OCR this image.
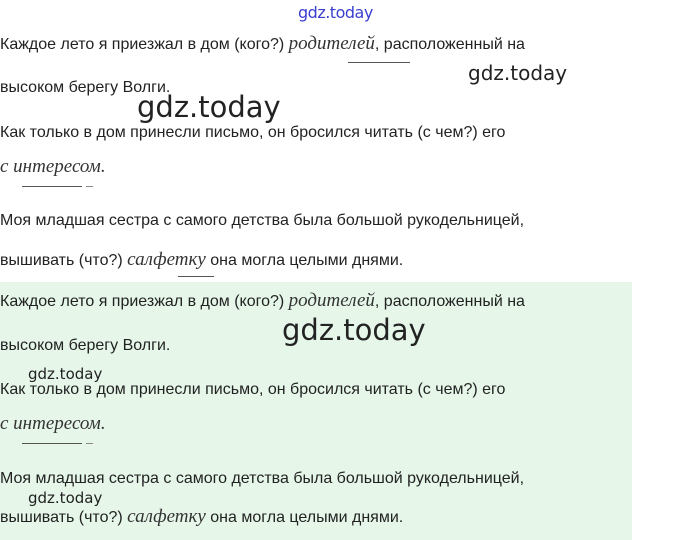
gdz.today
Каждое лето я приезжал в дом (кого?) родителей, расположенный на
высоком берегу Волги.
Как только в дом принесли письмо, он бросился читать (с чем?) его
с интересом.
Моя младшая сестра с самого детства была большой рукодельницей,
вышивать (что?) салфетку она могла целыми днями.
Каждое лето я приезжал в дом (кого?) родителей, расположенный на
высоком берегу Волги.
Как только в дом принесли письмо, он бросился читать (с чем?) его
с интересом.
Моя младшая сестра с самого детства была большой рукодельницей,
вышивать (что?) салфетку она могла целыми днями.
gdz.today
gdz.today
gdz.today
gdz.today
gdz.today
